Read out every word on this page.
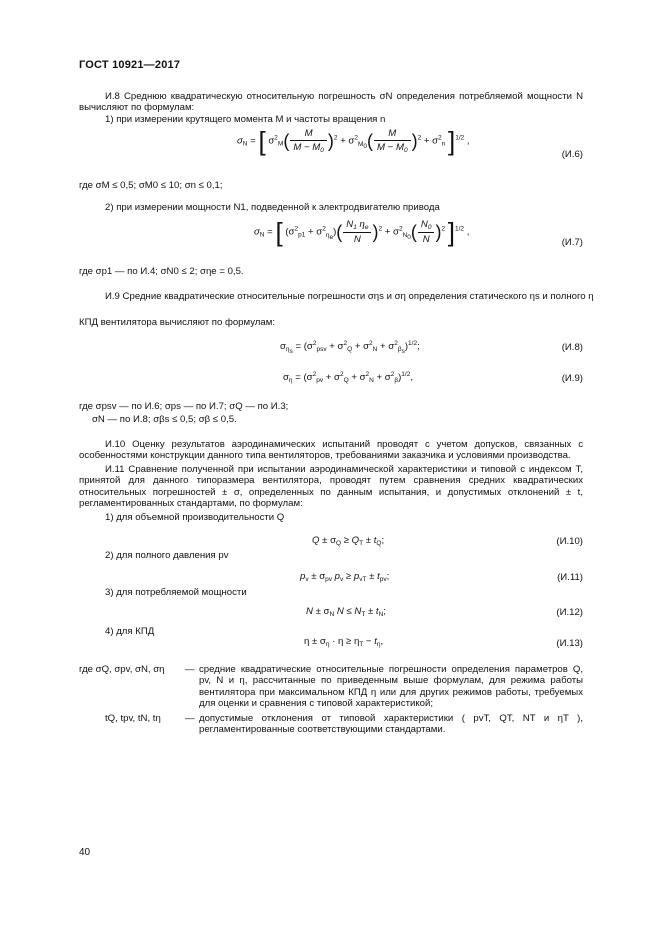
ГОСТ 10921—2017
И.8 Среднюю квадратическую относительную погрешность σN определения потребляемой мощности N вычисляют по формулам:
1) при измерении крутящего момента M и частоты вращения n
$\sigma_N$ = [ $\sigma^2_M( \frac{M}{M - M_0} )^2 + \sigma^2_{M_0}( \frac{M}{M - M_0} )^2 + \sigma^2_n$ ]$^{1/2}$ ,
(И.6)
где σM ≤ 0,5; σM0 ≤ 10; σn ≤ 0,1;
2) при измерении мощности N1, подведенной к электродвигателю привода
$\sigma_N$ = [ $(\sigma^2_{p1} + \sigma^2_{\eta_e})( \frac{N_1 \eta_e}{N} )^2 + \sigma^2_{N_0}( \frac{N_0}{N} )^2$ ]$^{1/2}$ ,
(И.7)
где σp1 — по И.4; σN0 ≤ 2; σηe = 0,5.
И.9 Средние квадратические относительные погрешности σηs и ση определения статического ηs и полного η
КПД вентилятора вычисляют по формулам:
$\sigma_{\eta_s} = (\sigma^2_{psv} + \sigma^2_Q + \sigma^2_N + \sigma^2_{\beta_s})^{1/2}$;	(И.8)
$\sigma_\eta = (\sigma^2_{pv} + \sigma^2_Q + \sigma^2_N + \sigma^2_\beta)^{1/2}$,	(И.9)
где σpsv — по И.6; σps — по И.7; σQ — по И.3;
σN — по И.8; σβs ≤ 0,5; σβ ≤ 0,5.
И.10 Оценку результатов аэродинамических испытаний проводят с учетом допусков, связанных с особенностями конструкции данного типа вентиляторов, требованиями заказчика и условиями производства.
И.11 Сравнение полученной при испытании аэродинамической характеристики и типовой с индексом Т, принятой для данного типоразмера вентилятора, проводят путем сравнения средних квадратических относительных погрешностей ± σ, определенных по данным испытания, и допустимых отклонений ± t, регламентированных стандартами, по формулам:
1) для объемной производительности Q
$Q \pm \sigma_Q \ge Q_T \pm t_Q$;	(И.10)
2) для полного давления pv
$p_v \pm \sigma_{pv}$ $p_v \ge p_{vT} \pm t_{pv}$;	(И.11)
3) для потребляемой мощности
$N \pm \sigma_N$ $N \le N_T \pm t_N$;	(И.12)
4) для КПД
$\eta \pm \sigma_\eta \cdot \eta \ge \eta_T - t_\eta$,	(И.13)
где σQ, σpv, σN, ση	— средние квадратические относительные погрешности определения параметров Q, pv, N и η, рассчитанные по приведенным выше формулам, для режима работы вентилятора при максимальном КПД η или для других режимов работы, требуемых для оценки и сравнения с типовой характеристикой;
tQ, tpv, tN, tη	— допустимые отклонения от типовой характеристики ( pvT, QT, NT и ηT ), регламентированные соответствующими стандартами.
40
